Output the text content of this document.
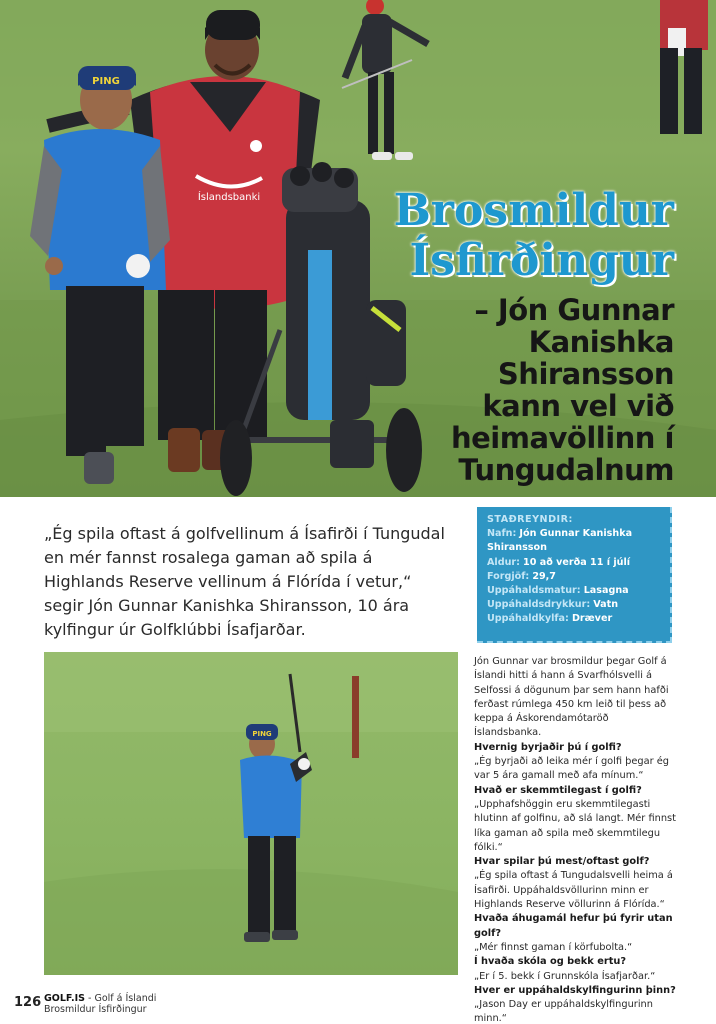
Íslandsbanki
PING
Brosmildur
Ísfirðingur
– Jón Gunnar
Kanishka
Shiransson
kann vel við
heimavöllinn í
Tungudalnum
„Ég spila oftast á golfvellinum á Ísafirði í Tungudal en mér fannst rosalega gaman að spila á Highlands Reserve vellinum á Flórída í vetur,“ segir Jón Gunnar Kanishka Shiransson, 10 ára kylfingur úr Golfklúbbi Ísafjarðar.
STAÐREYNDIR:
Nafn: Jón Gunnar Kanishka Shiransson
Aldur: 10 að verða 11 í júlí
Forgjöf: 29,7
Uppáhaldsmatur: Lasagna
Uppáhaldsdrykkur: Vatn
Uppáhaldkylfa: Dræver
PING

Jón Gunnar var brosmildur þegar Golf á Íslandi hitti á hann á Svarfhólsvelli á Selfossi á dögunum þar sem hann hafði ferðast rúmlega 450 km leið til þess að keppa á Áskorendamótaröð Íslandsbanka.

Hvernig byrjaðir þú í golfi?

„Ég byrjaði að leika mér í golfi þegar ég var 5 ára gamall með afa mínum.“

Hvað er skemmtilegast í golfi?

„Upphafshöggin eru skemmtilegasti hlutinn af golfinu, að slá langt. Mér finnst líka gaman að spila með skemmtilegu fólki.“

Hvar spilar þú mest/oftast golf?

„Ég spila oftast á Tungudalsvelli heima á Ísafirði. Uppáhaldsvöllurinn minn er Highlands Reserve völlurinn á Flórída.“

Hvaða áhugamál hefur þú fyrir utan golf?

„Mér finnst gaman í körfubolta.“

Í hvaða skóla og bekk ertu?

„Er í 5. bekk í Grunnskóla Ísafjarðar.“

Hver er uppáhaldskylfingurinn þinn?

„Jason Day er uppáhaldskylfingurinn minn.“

126 GOLF.IS - Golf á Íslandi
Brosmildur Ísfirðingur
